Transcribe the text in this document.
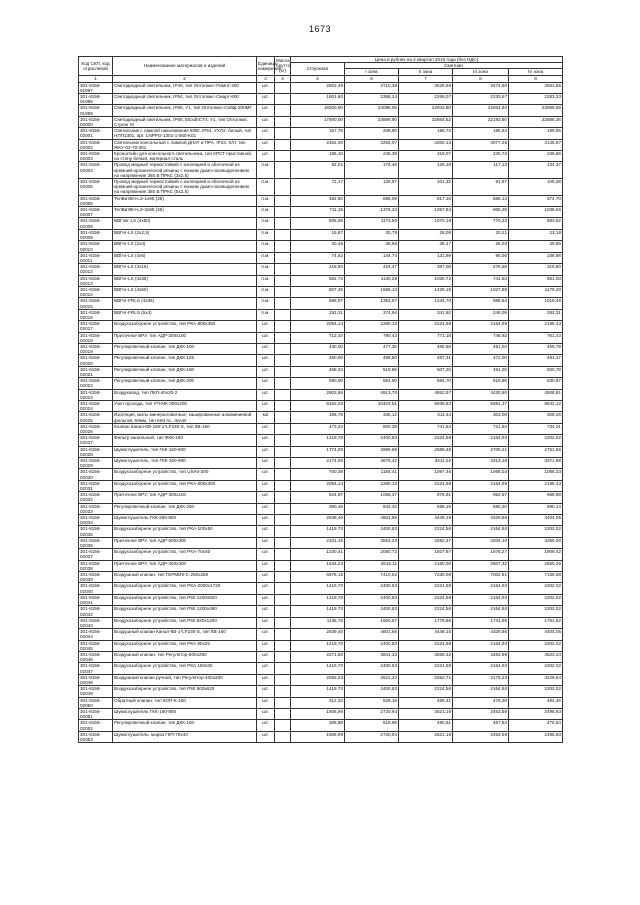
1673
Код СКП, код отраслевой	Наименование материалов и изделий	Единица измерения	Масса брутто (кг)	Цена в рублях на 4 квартал 2015 года (без НДС)				
				отпускная	Сметная			
					I зона	II зона	III зона	IV зона
1	2	3	4	5	6	7	8	9
301-8156-01997	Светодиодный светильник, IP40, тип Оптолюкс-Помпт-200	шт.		2602,49	3710,38	3526,66	3474,60	3551,85
301-8156-01998	Светодиодный светильник, IP54, тип Оптолюкс-Смарт-600	шт.		1601,60	2386,24	2268,07	2233,67	2283,33
301-8156-01999	Светодиодный светильник, IP65, У1, тип Оптолюкс-Сейф-200МГ	шт.		18200,00	24096,06	22942,80	22564,84	23066,58
301-8156-02000	Светодиодный светильник, IP65, ЕЕхdIICT4, У1, тип Оптолюкс Стронг М	шт.		17900,00	23699,90	22564,52	22192,80	22686,36
301-8156-02001	Светильник с лампой накаливания 60Вт, IP54, УХЛ2, белый, тип НПП1301, арт. LNPPO-1301-1-060-K01	шт.		157,79	208,90	198,73	195,63	199,96
301-8156-02002	Светильник консольный с лампой ДНаТ и ПРА, IP23, Х/Л, тип ЖКУ-02-70-001	шт.		2462,00	3256,07	4200,13	3077,25	3145,67
301-8156-02003	Кронштейн для консольного светильника, тип КРСТ приставной, на стену белый, материал сталь	шт.		186,10	246,39	319,07	230,73	235,86
301-8156-02004	Провод медный термостойкий с изоляцией и оболочкой из кремний-органической резины с низким дымо-газовыделением на напряжение 380 В ПРКС (3х2,5)	п.м.		82,01	178,46	129,18	117,13	134,37
301-8156-02005	Провод медный термостойкий с изоляцией и оболочкой из кремний-органической резины с низким дымо-газовыделением на напряжение 380 В ПРКС (5х2,5)	п.м.		72,17	139,97	101,32	91,87	105,38
301-8156-02006	ТелВитВН-LS-1х95 (25)	п.м.		482,50	698,09	817,16	586,13	674,70
301-8156-02007	ТелВитВН-LS-3х95 (25)	п.м.		711,15	1378,34	1257,84	965,29	1038,56
301-8156-02008	ВВГзнг-LS (4х50)	п.м.		605,05	1173,50	1070,19	770,23	883,62
301-8156-02009	ВВГнг-LS (2х2,5)	п.м.		15,87	30,79	28,08	20,21	23,18
301-8156-02010	ВВГнг-LS (2х4)	п.м.		20,45	39,66	36,17	26,03	29,86
301-8156-02011	ВВГнг-LS (4х6)	п.м.		74,62	144,74	131,99	95,00	108,98
301-8156-02012	ВВГнг-LS (4х16)	п.м.		218,84	424,47	387,08	278,58	319,60
301-8156-02013	ВВГнг-LS (4х35)	п.м.		582,74	1130,28	1030,72	741,83	851,03
301-8156-02014	ВВГнг-LS (4х50)	п.м.		807,45	1566,13	1428,15	1027,89	1179,20
301-8156-02015	ВВГнг-FRLS (4х35)	п.м.		698,07	1353,97	1234,70	888,64	1019,46
301-8156-02016	ВВГнг-FRLS (5х4)	п.м.		193,31	374,94	341,92	246,09	282,31
301-8156-02017	Воздухозаборное устройство, тип РКА-800х350	шт.		2054,14	2280,10	2224,58	2154,59	2196,43
301-8156-02018	Приточное ВРУ, тип АДР-200х100	шт.		712,10	790,43	771,18	746,92	761,43
301-8156-02019	Регулировочный клапан, тип ДКК-100	шт.		430,00	477,30	465,68	451,03	459,79
301-8156-02020	Регулировочный клапан, тип ДКК-125	шт.		450,00	499,50	487,31	472,00	481,17
301-8156-02021	Регулировочный клапан, тип ДКК-160	шт.		468,34	519,86	507,20	491,25	500,78
301-8156-02022	Регулировочный клапан, тип ДКК-200	шт.		590,00	654,90	594,70	618,85	630,87
301-8156-02023	Воздуховод, тип ПКП-40х20-2	шт.		2903,86	4913,70	4552,97	4430,80	4508,81
301-8156-02024	Узел прохода, тип УП-МК-300х200	шт.		8152,03	10403,51	9839,83	9391,37	9642,12
301-8156-02025	Изоляция, маты минераловатные, кашированные алюминиевой фольгой, 50мм, тип KIM AL, Isover	м2		196,76	336,12	311,44	303,08	308,26
301-8156-02026	Клапан Канал-КВ-160-1*LF230-S, тип КВ-160	шт.		473,23	800,28	741,53	721,64	734,01
301-8156-02027	Фильтр канальный, тип ФКК-160	шт.		1419,70	2400,83	2224,58	2164,93	2202,02
301-8156-02028	Шумоглушитель, тип ГКК-160-800	шт.		1774,00	2999,99	2589,49	2705,21	2751,56
301-8156-02029	Шумоглушитель, тип ГКК-160-900	шт.		2174,00	3676,42	3411,02	3313,18	3371,98
301-8156-02030	Воздухозаборное устройство, тип USAV-200	шт.		700,38	1184,41	1097,46	1068,03	1086,33
301-8156-02031	Воздухозаборное устройство, тип РКА-500х300	шт.		2054,14	2280,10	2224,58	2154,59	2196,43
301-8156-02032	Приточное ВРУ, тип АДР-300х100	шт.		624,87	1056,37	978,81	952,57	968,89
301-8156-02033	Регулировочный клапан, тип ДКК-250	шт.		360,48	643,42	596,19	580,20	590,14
301-8156-02034	Шумоглушитель ГКК-250-800	шт.		2838,40	4801,66	4449,15	4329,86	4404,05
301-8156-02035	Воздухозаборное устройство, тип РКА-100х50	шт.		1419,70	2400,83	2224,58	2164,93	2202,02
301-8156-02036	Приточное ВРУ, тип АДР-600х300	шт.		2101,15	3553,23	3292,37	3204,10	3259,00
301-8156-02037	Воздухозаборное устройство, тип РКА-70х40	шт.		1230,41	2080,72	1927,97	1876,27	1908,42
301-8156-02038	Приточное ВРУ, тип АДР-400х300	шт.		1644,23	2616,11	2160,00	2507,32	2550,28
301-8156-02039	Воздушный клапан, тип ГЕРМИК-С-250х250	шт.		6678,15	7410,52	7230,08	7002,81	7138,58
301-8156-02040	Воздухозаборное устройство, тип РКА-2000х1720	шт.		1419,70	2400,83	2224,58	2164,93	2202,02
301-8156-02041	Воздухозаборное устройство, тип Р50 1200х820	шт.		1419,70	2400,83	2224,58	2164,93	2202,02
301-8156-02042	Воздухозаборное устройство, тип Р50 1200х460	шт.		1419,70	2400,83	2224,58	2164,93	2202,02
301-8156-02043	Воздухозаборное устройство, тип Р50 820х1200	шт.		1135,76	1920,67	1779,66	1731,95	1761,62
301-8156-02044	Воздушный клапан Канал-КВ-1*LF230-S, тип КВ-160	шт.		2839,40	4801,66	4449,15	4329,86	4404,05
301-8156-02045	Воздухозаборное устройство, тип РКА 90х25	шт.		1419,70	2400,83	2224,58	2164,93	2202,02
301-8156-02046	Воздушный клапан, тип Регулятор-500х250	шт.		2271,50	3841,33	3559,32	3463,89	3523,24
301-8156-02047	Воздухозаборное устройство, тип РКА 150х60	шт.		1419,70	2400,83	2224,58	2164,93	2202,02
301-8156-02048	Воздушный клапан ручной, тип Регулятор-400х200	шт.		2082,23	3521,22	3262,71	3175,23	3229,64
301-8156-02049	Воздухозаборное устройство, тип Р50 800х620	шт.		1419,70	2400,83	2224,58	2164,93	2202,02
301-8156-02050	Обратный клапан, тип КОП-К-160	шт.		312,33	528,18	489,41	476,28	484,45
301-8156-02051	Шумоглушитель ГКК-160-900	шт.		1608,99	2720,94	2521,19	2453,59	2495,63
301-8156-02052	Регулировочный клапан, тип ДКК-160	шт.		306,88	518,98	480,51	467,63	475,64
301-8156-02053	Шумоглушитель, марка ГКП-70х40	шт.		1608,99	2720,94	2521,19	2453,59	2495,63
